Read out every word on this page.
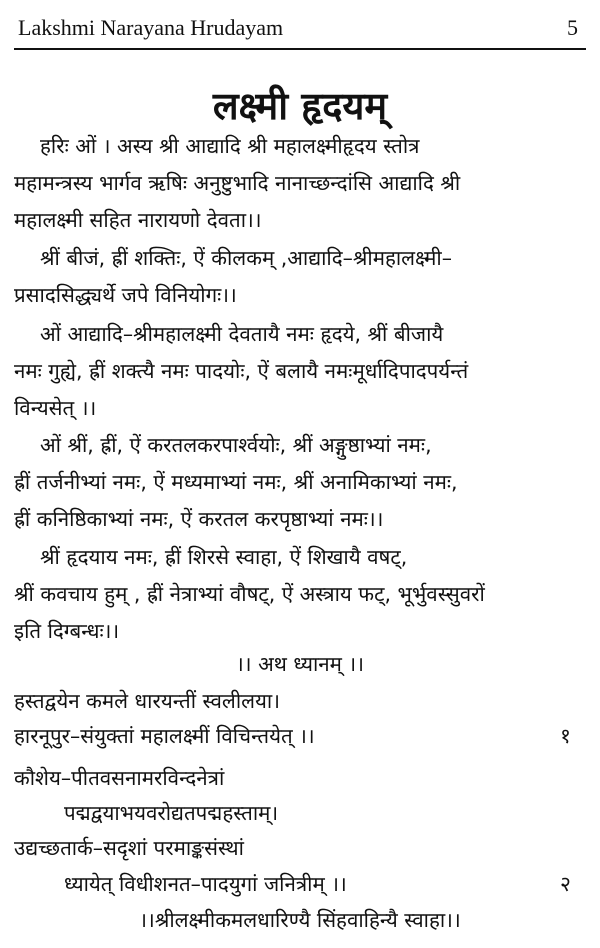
Lakshmi Narayana Hrudayam	5
लक्ष्मी हृदयम्

हरिः ओं । अस्य श्री आद्यादि श्री महालक्ष्मीहृदय स्तोत्र
महामन्त्रस्य भार्गव ऋषिः अनुष्टुभादि नानाच्छन्दांसि आद्यादि श्री
महालक्ष्मी सहित नारायणो देवता।।

श्रीं बीजं, ह्रीं शक्तिः, ऐं कीलकम् ,आद्यादि–श्रीमहालक्ष्मी–
प्रसादसिद्ध्यर्थे जपे विनियोगः।।

ओं आद्यादि–श्रीमहालक्ष्मी देवतायै नमः हृदये, श्रीं बीजायै
नमः गुह्ये, ह्रीं शक्त्यै नमः पादयोः, ऐं बलायै नमःमूर्धादिपादपर्यन्तं
विन्यसेत् ।।

ओं श्रीं, ह्रीं, ऐं करतलकरपार्श्वयोः, श्रीं अङ्गुष्ठाभ्यां नमः,
ह्रीं तर्जनीभ्यां नमः, ऐं मध्यमाभ्यां नमः, श्रीं अनामिकाभ्यां नमः,
ह्रीं कनिष्ठिकाभ्यां नमः, ऐं करतल करपृष्ठाभ्यां नमः।।

श्रीं हृदयाय नमः, ह्रीं शिरसे स्वाहा, ऐं शिखायै वषट्,
श्रीं कवचाय हुम् , ह्रीं नेत्राभ्यां वौषट्, ऐं अस्त्राय फट्, भूर्भुवस्सुवरों
इति दिग्बन्धः।।

।। अथ ध्यानम् ।।
हस्तद्वयेन कमले धारयन्तीं स्वलीलया।
हारनूपुर–संयुक्तां महालक्ष्मीं विचिन्तयेत् ।।	१
कौशेय–पीतवसनामरविन्दनेत्रां
पद्मद्वयाभयवरोद्यतपद्महस्ताम्।
उद्यच्छतार्क–सदृशां परमाङ्कसंस्थां
ध्यायेत् विधीशनत–पादयुगां जनित्रीम् ।।	२
।।श्रीलक्ष्मीकमलधारिण्यै सिंहवाहिन्यै स्वाहा।।
